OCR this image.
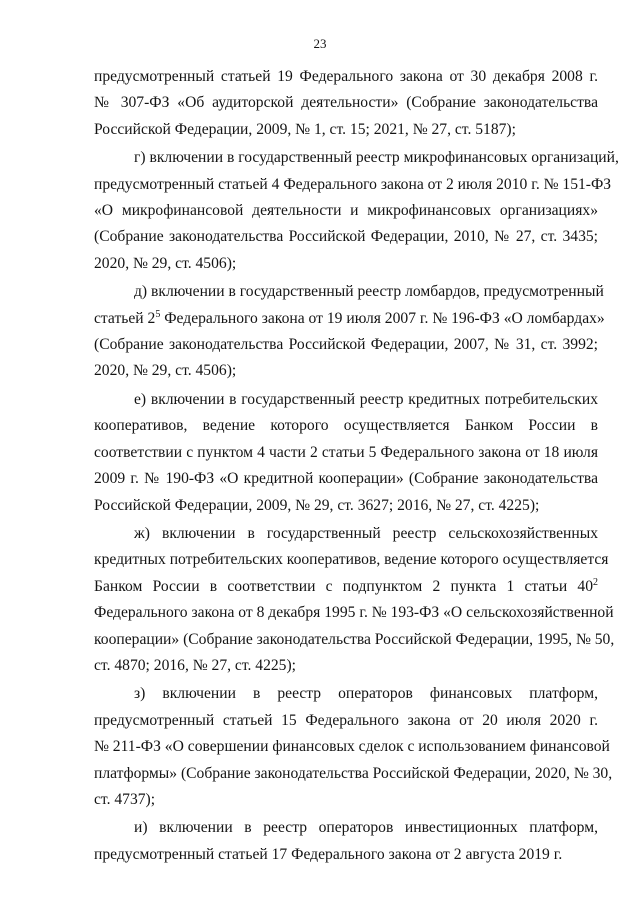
23

предусмотренный статьей 19 Федерального закона от 30 декабря 2008 г.
№ 307-ФЗ «Об аудиторской деятельности» (Собрание законодательства
Российской Федерации, 2009, № 1, ст. 15; 2021, № 27, ст. 5187);

г) включении в государственный реестр микрофинансовых организаций,
предусмотренный статьей 4 Федерального закона от 2 июля 2010 г. № 151-ФЗ
«О микрофинансовой деятельности и микрофинансовых организациях»
(Собрание законодательства Российской Федерации, 2010, № 27, ст. 3435;
2020, № 29, ст. 4506);

д) включении в государственный реестр ломбардов, предусмотренный
статьей $2^5$ Федерального закона от 19 июля 2007 г. № 196-ФЗ «О ломбардах»
(Собрание законодательства Российской Федерации, 2007, № 31, ст. 3992;
2020, № 29, ст. 4506);

е) включении в государственный реестр кредитных потребительских
кооперативов, ведение которого осуществляется Банком России в
соответствии с пунктом 4 части 2 статьи 5 Федерального закона от 18 июля
2009 г. № 190-ФЗ «О кредитной кооперации» (Собрание законодательства
Российской Федерации, 2009, № 29, ст. 3627; 2016, № 27, ст. 4225);

ж) включении в государственный реестр сельскохозяйственных
кредитных потребительских кооперативов, ведение которого осуществляется
Банком России в соответствии с подпунктом 2 пункта 1 статьи $40^2$
Федерального закона от 8 декабря 1995 г. № 193-ФЗ «О сельскохозяйственной
кооперации» (Собрание законодательства Российской Федерации, 1995, № 50,
ст. 4870; 2016, № 27, ст. 4225);

з) включении в реестр операторов финансовых платформ,
предусмотренный статьей 15 Федерального закона от 20 июля 2020 г.
№ 211-ФЗ «О совершении финансовых сделок с использованием финансовой
платформы» (Собрание законодательства Российской Федерации, 2020, № 30,
ст. 4737);

и) включении в реестр операторов инвестиционных платформ,
предусмотренный статьей 17 Федерального закона от 2 августа 2019 г.
